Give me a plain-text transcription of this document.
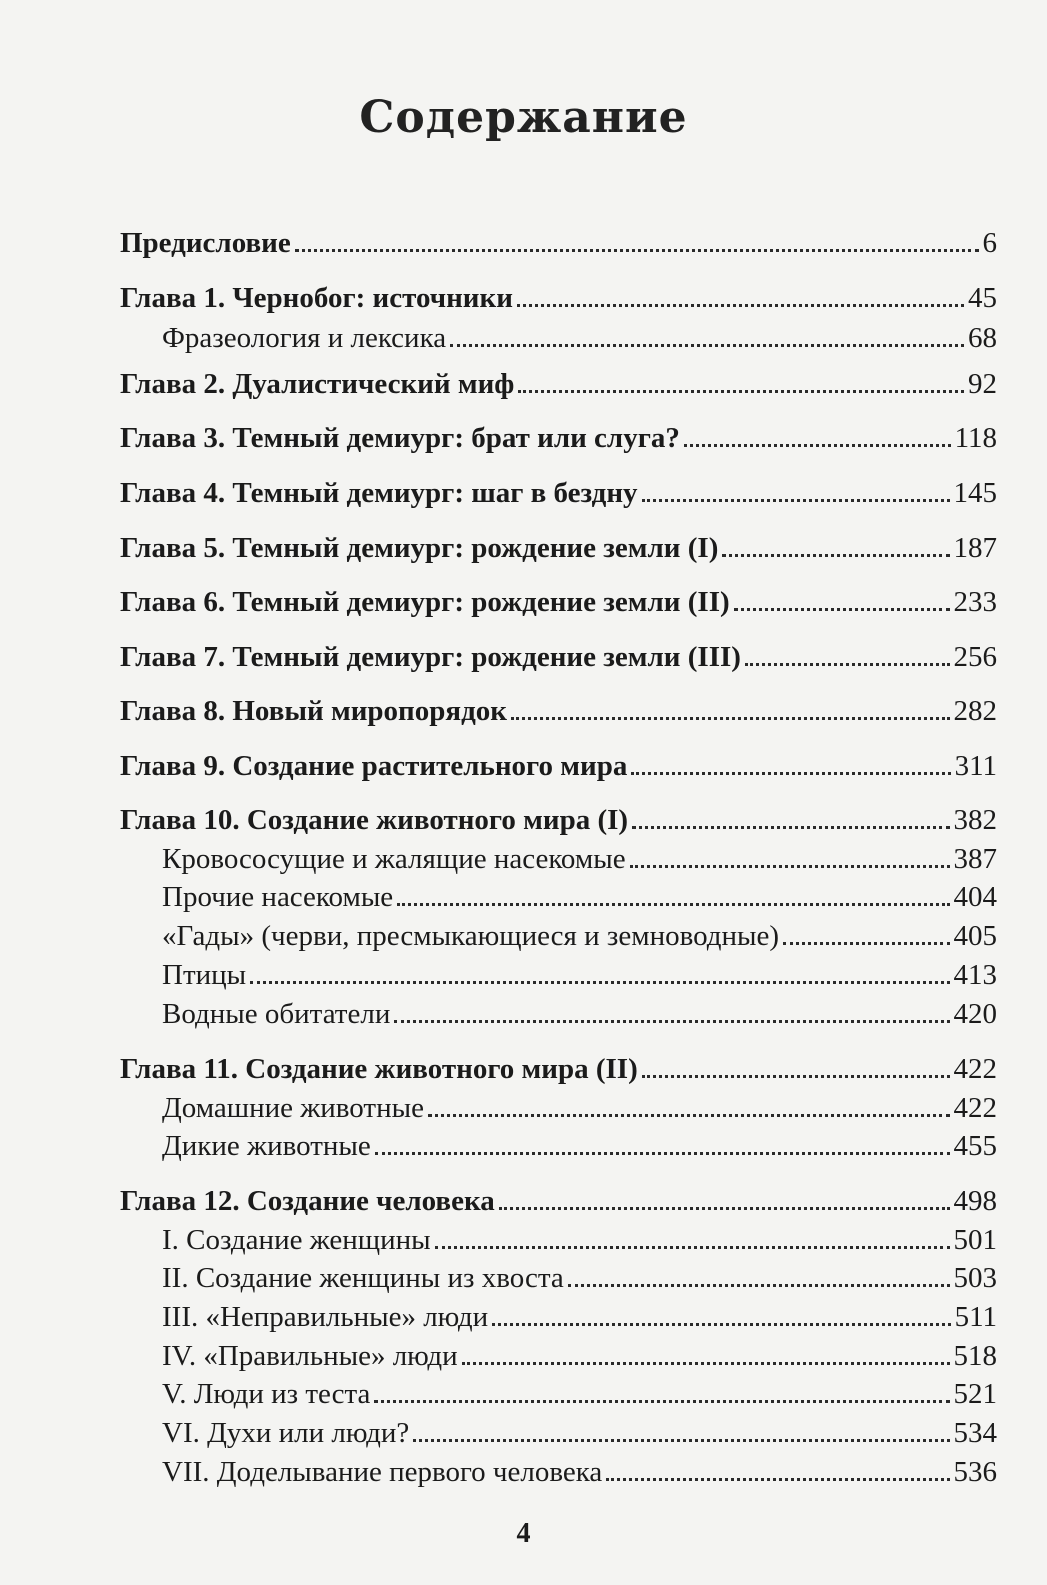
Содержание
Предисловие	6
Глава 1. Чернобог: источники	45
Фразеология и лексика	68
Глава 2. Дуалистический миф	92
Глава 3. Темный демиург: брат или слуга?	118
Глава 4. Темный демиург: шаг в бездну	145
Глава 5. Темный демиург: рождение земли (I)	187
Глава 6. Темный демиург: рождение земли (II)	233
Глава 7. Темный демиург: рождение земли (III)	256
Глава 8. Новый миропорядок	282
Глава 9. Создание растительного мира	311
Глава 10. Создание животного мира (I)	382
Кровососущие и жалящие насекомые	387
Прочие насекомые	404
«Гады» (черви, пресмыкающиеся и земноводные)	405
Птицы	413
Водные обитатели	420
Глава 11. Создание животного мира (II)	422
Домашние животные	422
Дикие животные	455
Глава 12. Создание человека	498
I. Создание женщины	501
II. Создание женщины из хвоста	503
III. «Неправильные» люди	511
IV. «Правильные» люди	518
V. Люди из теста	521
VI. Духи или люди?	534
VII. Доделывание первого человека	536
4
